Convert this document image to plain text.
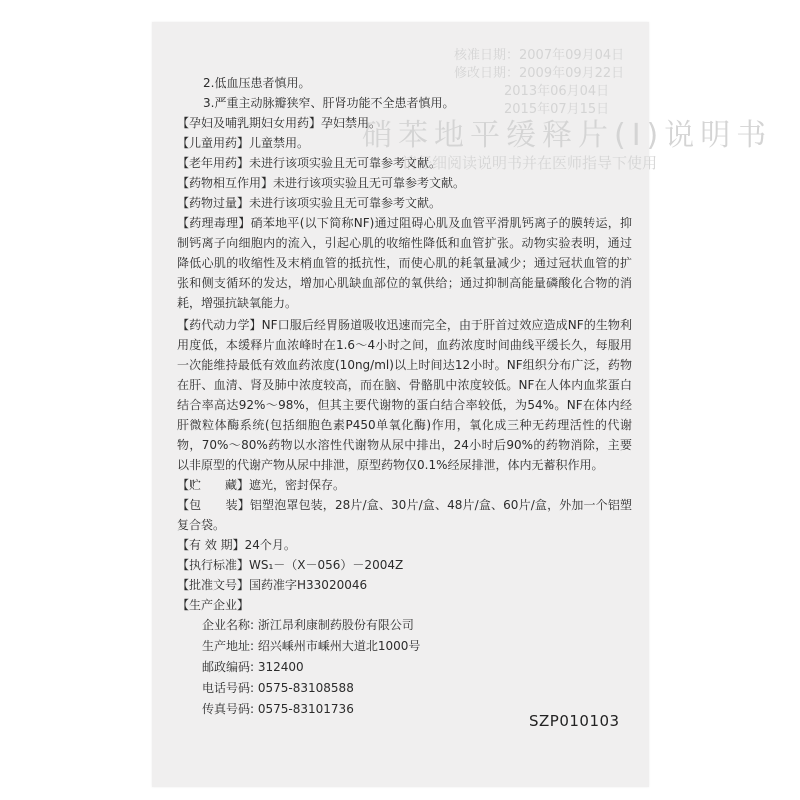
核准日期：2007年09月04日
修改日期：2009年09月22日
2013年06月04日
2015年07月15日
硝苯地平缓释片(Ⅰ)说明书
请仔细阅读说明书并在医师指导下使用
2.低血压患者慎用。
3.严重主动脉瓣狭窄、肝肾功能不全患者慎用。
【孕妇及哺乳期妇女用药】孕妇禁用。
【儿童用药】儿童禁用。
【老年用药】未进行该项实验且无可靠参考文献。
【药物相互作用】未进行该项实验且无可靠参考文献。
【药物过量】未进行该项实验且无可靠参考文献。
【药理毒理】硝苯地平(以下简称NF)通过阻碍心肌及血管平滑肌钙离子的膜转运，抑制钙离子向细胞内的流入，引起心肌的收缩性降低和血管扩张。动物实验表明，通过降低心肌的收缩性及末梢血管的抵抗性，而使心肌的耗氧量减少；通过冠状血管的扩张和侧支循环的发达，增加心肌缺血部位的氧供给；通过抑制高能量磷酸化合物的消耗，增强抗缺氧能力。
【药代动力学】NF口服后经胃肠道吸收迅速而完全，由于肝首过效应造成NF的生物利用度低，本缓释片血浓峰时在1.6～4小时之间，血药浓度时间曲线平缓长久，每服用一次能维持最低有效血药浓度(10ng/ml)以上时间达12小时。NF组织分布广泛，药物在肝、血清、肾及肺中浓度较高，而在脑、骨骼肌中浓度较低。NF在人体内血浆蛋白结合率高达92%～98%，但其主要代谢物的蛋白结合率较低，为54%。NF在体内经肝微粒体酶系统(包括细胞色素P450单氧化酶)作用，氧化成三种无药理活性的代谢物，70%～80%药物以水溶性代谢物从尿中排出，24小时后90%的药物消除，主要以非原型的代谢产物从尿中排泄，原型药物仅0.1%经尿排泄，体内无蓄积作用。
【贮　　藏】遮光，密封保存。
【包　　装】铝塑泡罩包装，28片/盒、30片/盒、48片/盒、60片/盒，外加一个铝塑复合袋。
【有 效 期】24个月。
【执行标准】WS₁－（X－056）－2004Z
【批准文号】国药准字H33020046
【生产企业】
企业名称: 浙江昂利康制药股份有限公司
生产地址: 绍兴嵊州市嵊州大道北1000号
邮政编码: 312400
电话号码: 0575-83108588
传真号码: 0575-83101736
SZP010103
